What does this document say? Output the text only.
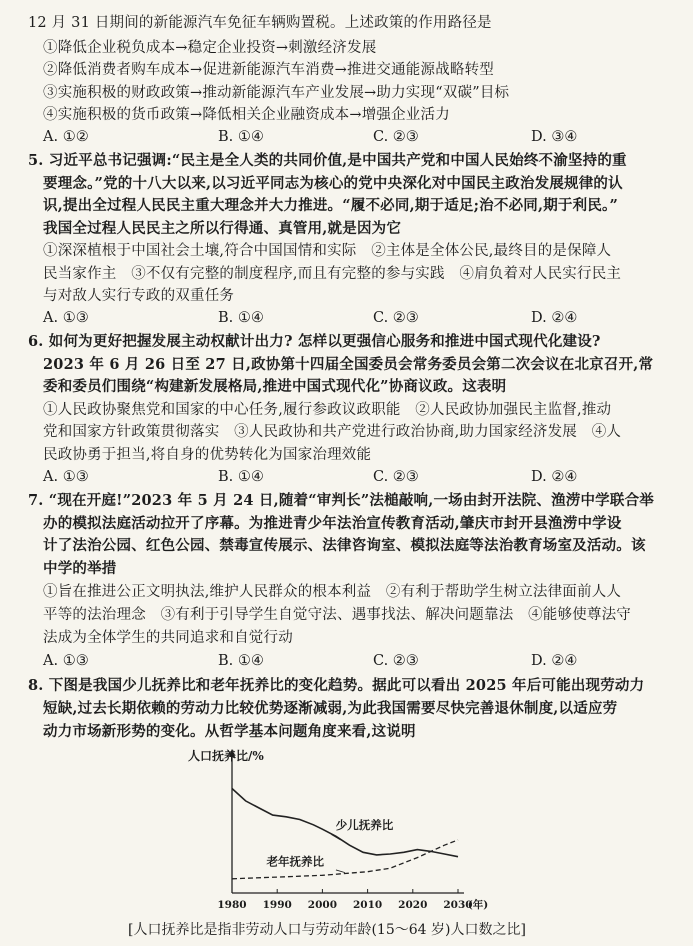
12 月 31 日期间的新能源汽车免征车辆购置税。上述政策的作用路径是
①降低企业税负成本→稳定企业投资→刺激经济发展
②降低消费者购车成本→促进新能源汽车消费→推进交通能源战略转型
③实施积极的财政政策→推动新能源汽车产业发展→助力实现“双碳”目标
④实施积极的货币政策→降低相关企业融资成本→增强企业活力
A. ①②	B. ①④	C. ②③	D. ③④
5. 习近平总书记强调:“民主是全人类的共同价值,是中国共产党和中国人民始终不渝坚持的重
要理念。”党的十八大以来,以习近平同志为核心的党中央深化对中国民主政治发展规律的认
识,提出全过程人民民主重大理念并大力推进。“履不必同,期于适足;治不必同,期于利民。”
我国全过程人民民主之所以行得通、真管用,就是因为它
①深深植根于中国社会土壤,符合中国国情和实际　②主体是全体公民,最终目的是保障人
民当家作主　③不仅有完整的制度程序,而且有完整的参与实践　④肩负着对人民实行民主
与对敌人实行专政的双重任务
A. ①③	B. ①④	C. ②③	D. ②④
6. 如何为更好把握发展主动权献计出力? 怎样以更强信心服务和推进中国式现代化建设?
2023 年 6 月 26 日至 27 日,政协第十四届全国委员会常务委员会第二次会议在北京召开,常
委和委员们围绕“构建新发展格局,推进中国式现代化”协商议政。这表明
①人民政协聚焦党和国家的中心任务,履行参政议政职能　②人民政协加强民主监督,推动
党和国家方针政策贯彻落实　③人民政协和共产党进行政治协商,助力国家经济发展　④人
民政协勇于担当,将自身的优势转化为国家治理效能
A. ①③	B. ①④	C. ②③	D. ②④
7. “现在开庭!”2023 年 5 月 24 日,随着“审判长”法槌敲响,一场由封开法院、渔涝中学联合举
办的模拟法庭活动拉开了序幕。为推进青少年法治宣传教育活动,肇庆市封开县渔涝中学设
计了法治公园、红色公园、禁毒宣传展示、法律咨询室、模拟法庭等法治教育场室及活动。该
中学的举措
①旨在推进公正文明执法,维护人民群众的根本利益　②有利于帮助学生树立法律面前人人
平等的法治理念　③有利于引导学生自觉守法、遇事找法、解决问题靠法　④能够使尊法守
法成为全体学生的共同追求和自觉行动
A. ①③	B. ①④	C. ②③	D. ②④
8. 下图是我国少儿抚养比和老年抚养比的变化趋势。据此可以看出 2025 年后可能出现劳动力
短缺,过去长期依赖的劳动力比较优势逐渐减弱,为此我国需要尽快完善退休制度,以适应劳
动力市场新形势的变化。从哲学基本问题角度来看,这说明
人口抚养比/%
1980 1990 2000 2010 2020 2030
(年)
少儿抚养比
老年抚养比
[人口抚养比是指非劳动人口与劳动年龄(15～64 岁)人口数之比]
